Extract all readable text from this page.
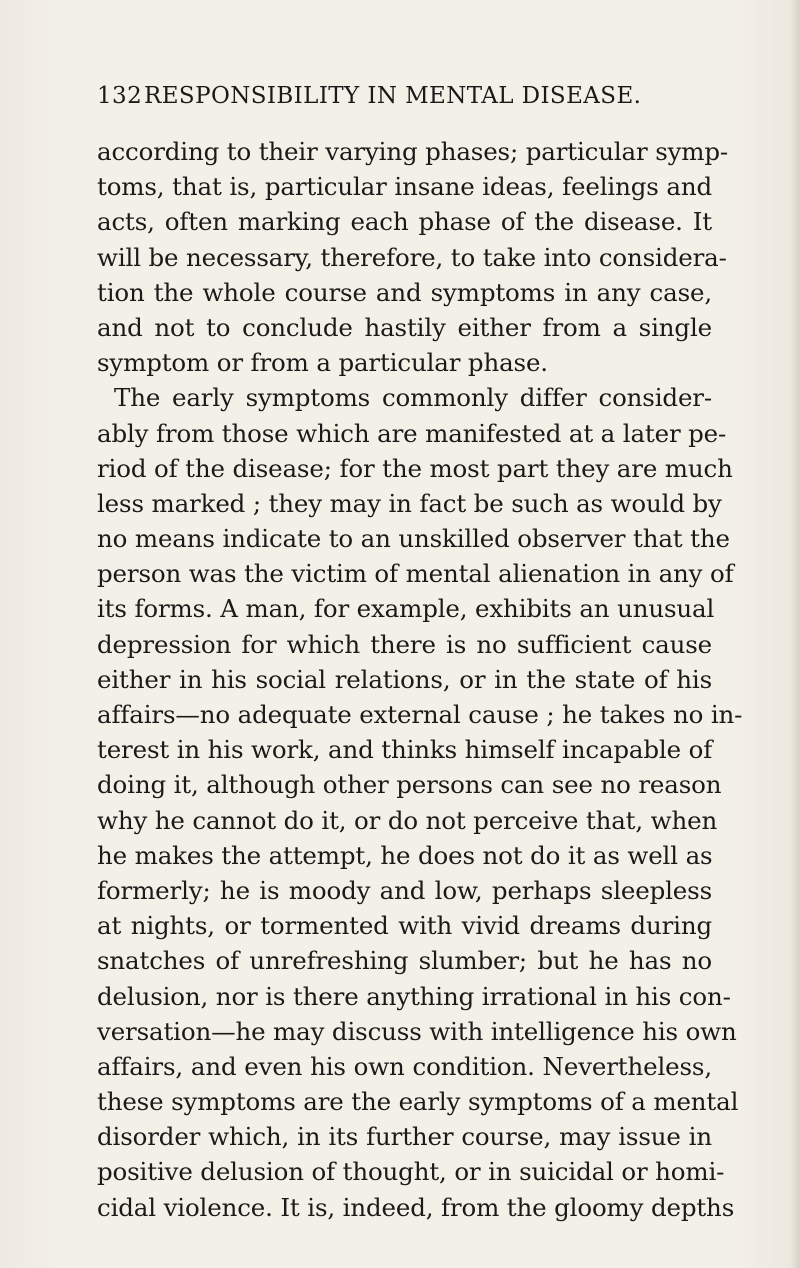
132 RESPONSIBILITY IN MENTAL DISEASE.
according to their varying phases; particular symp-
toms, that is, particular insane ideas, feelings and
acts, often marking each phase of the disease. It
will be necessary, therefore, to take into considera-
tion the whole course and symptoms in any case,
and not to conclude hastily either from a single
symptom or from a particular phase.
The early symptoms commonly differ consider-
ably from those which are manifested at a later pe-
riod of the disease; for the most part they are much
less marked ; they may in fact be such as would by
no means indicate to an unskilled observer that the
person was the victim of mental alienation in any of
its forms. A man, for example, exhibits an unusual
depression for which there is no sufficient cause
either in his social relations, or in the state of his
affairs—no adequate external cause ; he takes no in-
terest in his work, and thinks himself incapable of
doing it, although other persons can see no reason
why he cannot do it, or do not perceive that, when
he makes the attempt, he does not do it as well as
formerly; he is moody and low, perhaps sleepless
at nights, or tormented with vivid dreams during
snatches of unrefreshing slumber; but he has no
delusion, nor is there anything irrational in his con-
versation—he may discuss with intelligence his own
affairs, and even his own condition. Nevertheless,
these symptoms are the early symptoms of a mental
disorder which, in its further course, may issue in
positive delusion of thought, or in suicidal or homi-
cidal violence. It is, indeed, from the gloomy depths
